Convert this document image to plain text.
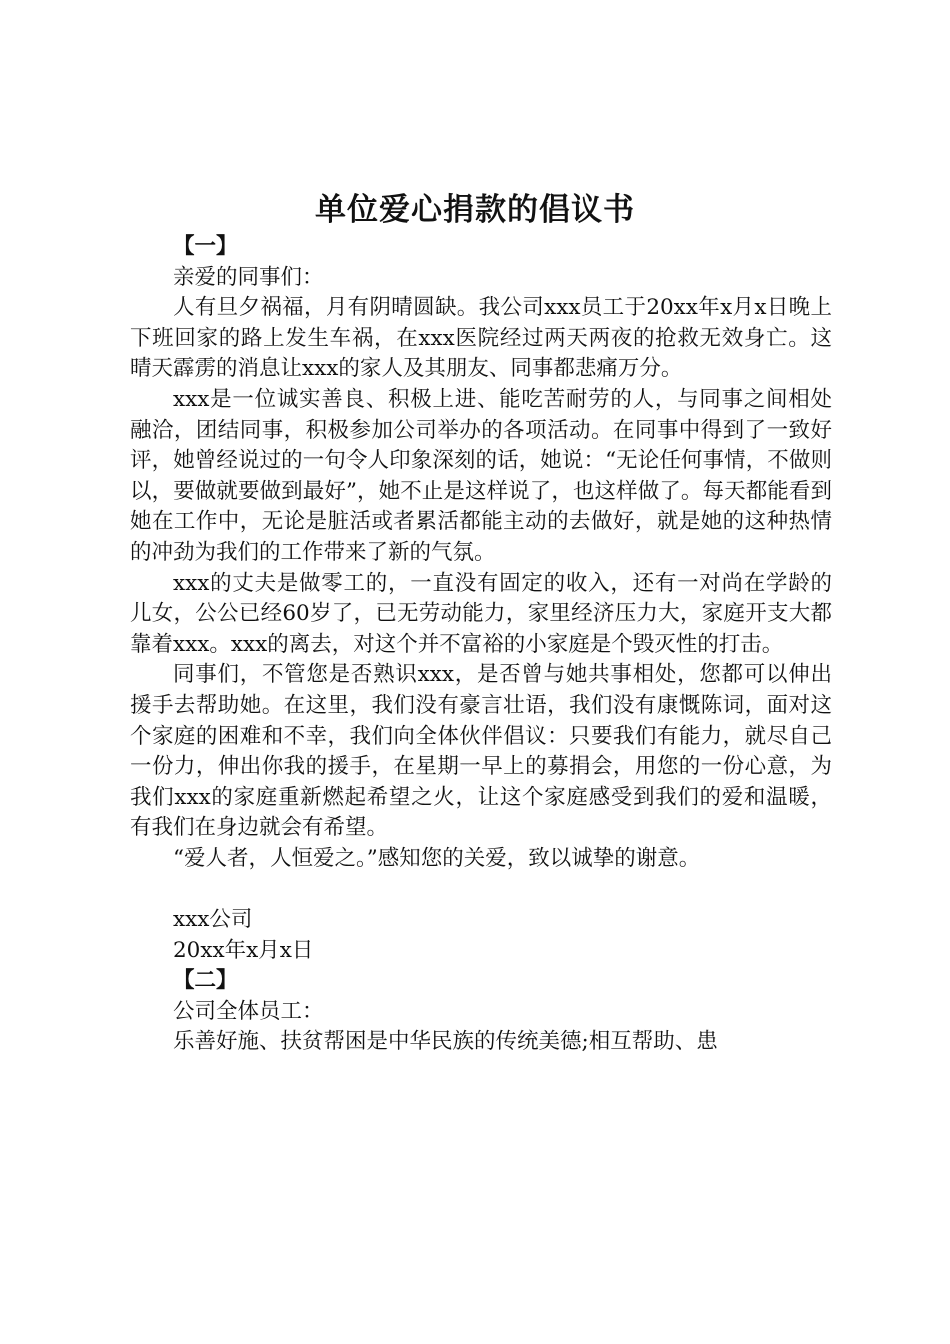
单位爱心捐款的倡议书

【一】

亲爱的同事们：

人有旦夕祸福，月有阴晴圆缺。我公司xxx员工于20xx年x月x日晚上下班回家的路上发生车祸，在xxx医院经过两天两夜的抢救无效身亡。这晴天霹雳的消息让xxx的家人及其朋友、同事都悲痛万分。

xxx是一位诚实善良、积极上进、能吃苦耐劳的人，与同事之间相处融洽，团结同事，积极参加公司举办的各项活动。在同事中得到了一致好评，她曾经说过的一句令人印象深刻的话，她说：“无论任何事情，不做则以，要做就要做到最好”，她不止是这样说了，也这样做了。每天都能看到她在工作中，无论是脏活或者累活都能主动的去做好，就是她的这种热情的冲劲为我们的工作带来了新的气氛。

xxx的丈夫是做零工的，一直没有固定的收入，还有一对尚在学龄的儿女，公公已经60岁了，已无劳动能力，家里经济压力大，家庭开支大都靠着xxx。xxx的离去，对这个并不富裕的小家庭是个毁灭性的打击。

同事们，不管您是否熟识xxx，是否曾与她共事相处，您都可以伸出援手去帮助她。在这里，我们没有豪言壮语，我们没有康慨陈词，面对这个家庭的困难和不幸，我们向全体伙伴倡议：只要我们有能力，就尽自己一份力，伸出你我的援手，在星期一早上的募捐会，用您的一份心意，为我们xxx的家庭重新燃起希望之火，让这个家庭感受到我们的爱和温暖，有我们在身边就会有希望。

“爱人者，人恒爱之。”感知您的关爱，致以诚挚的谢意。

xxx公司

20xx年x月x日

【二】

公司全体员工：

乐善好施、扶贫帮困是中华民族的传统美德;相互帮助、患
